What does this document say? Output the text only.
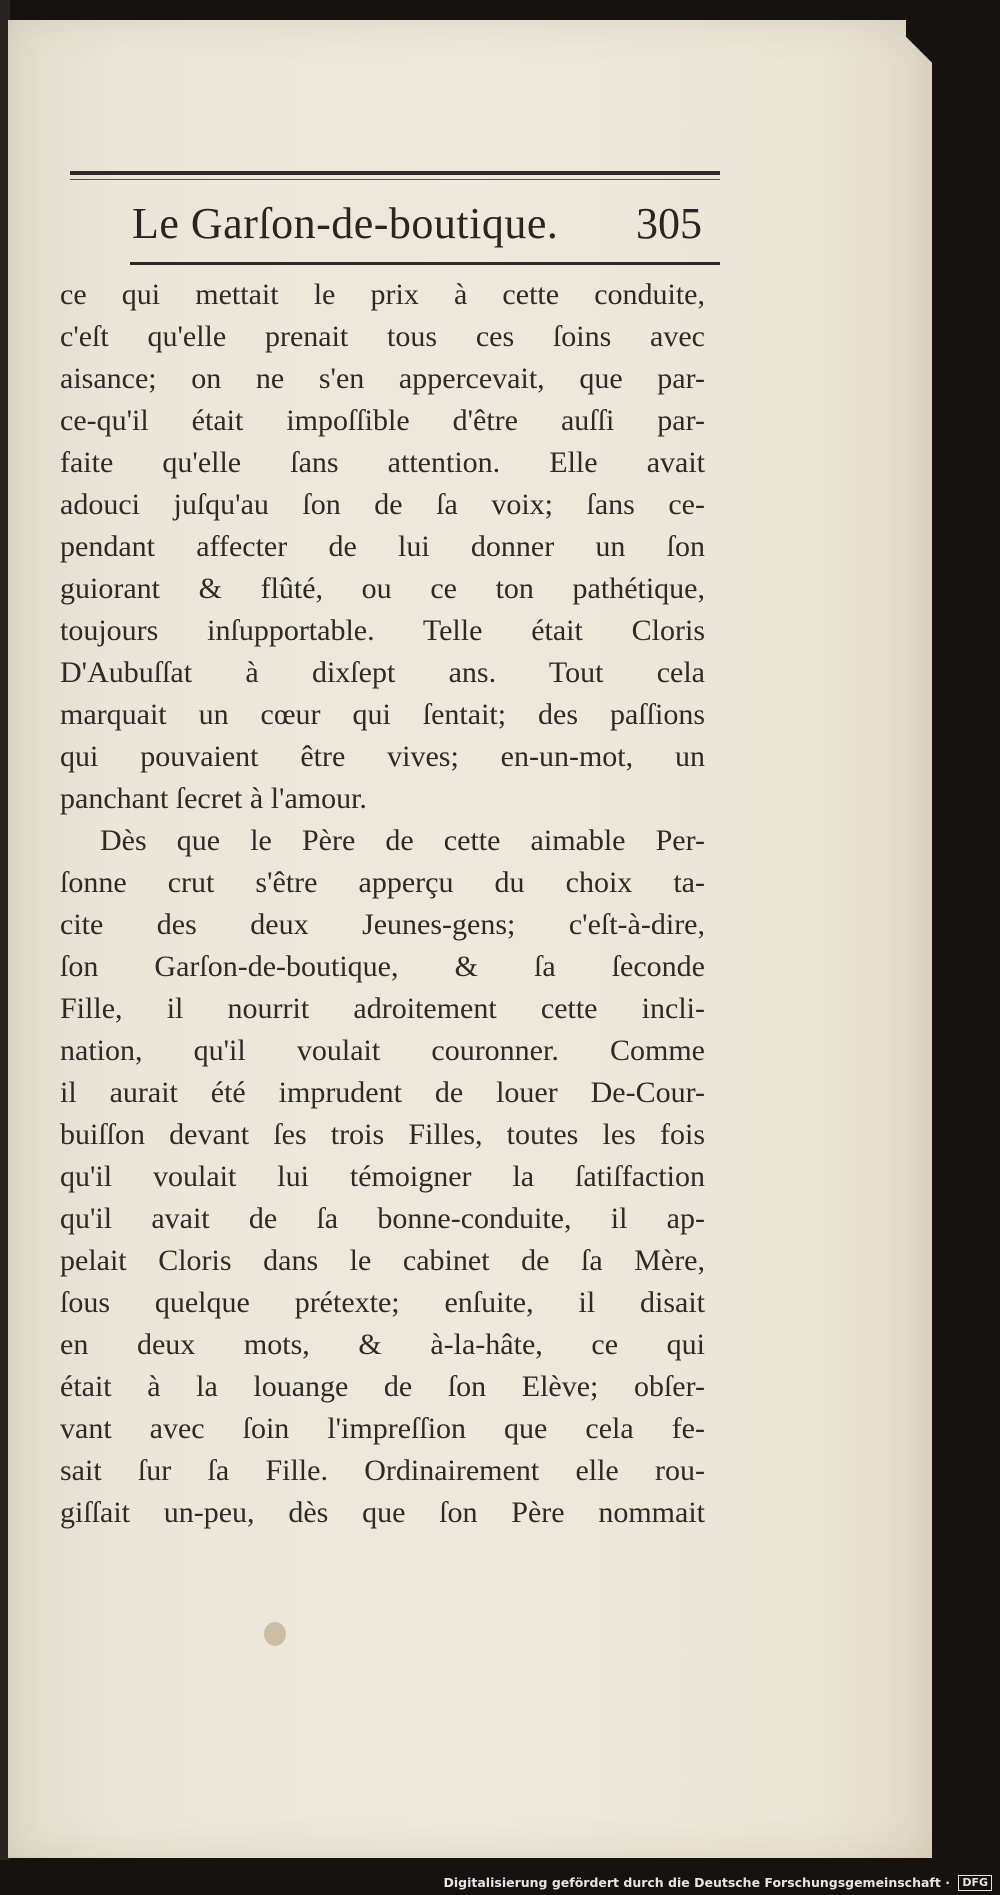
Le Garſon-de-boutique. 305
ce qui mettait le prix à cette conduite,
c'eſt qu'elle prenait tous ces ſoins avec
aisance; on ne s'en appercevait, que par-
ce-qu'il était impoſſible d'être auſſi par-
faite qu'elle ſans attention. Elle avait
adouci juſqu'au ſon de ſa voix; ſans ce-
pendant affecter de lui donner un ſon
guiorant & flûté, ou ce ton pathétique,
toujours inſupportable. Telle était Cloris
D'Aubuſſat à dixſept ans. Tout cela
marquait un cœur qui ſentait; des paſſions
qui pouvaient être vives; en-un-mot, un
panchant ſecret à l'amour.
Dès que le Père de cette aimable Per-
ſonne crut s'être apperçu du choix ta-
cite des deux Jeunes-gens; c'eſt-à-dire,
ſon Garſon-de-boutique, & ſa ſeconde
Fille, il nourrit adroitement cette incli-
nation, qu'il voulait couronner. Comme
il aurait été imprudent de louer De-Cour-
buiſſon devant ſes trois Filles, toutes les fois
qu'il voulait lui témoigner la ſatiſfaction
qu'il avait de ſa bonne-conduite, il ap-
pelait Cloris dans le cabinet de ſa Mère,
ſous quelque prétexte; enſuite, il disait
en deux mots, & à-la-hâte, ce qui
était à la louange de ſon Elève; obſer-
vant avec ſoin l'impreſſion que cela fe-
sait ſur ſa Fille. Ordinairement elle rou-
giſſait un-peu, dès que ſon Père nommait
Digitalisierung gefördert durch die Deutsche Forschungsgemeinschaft · DFG
